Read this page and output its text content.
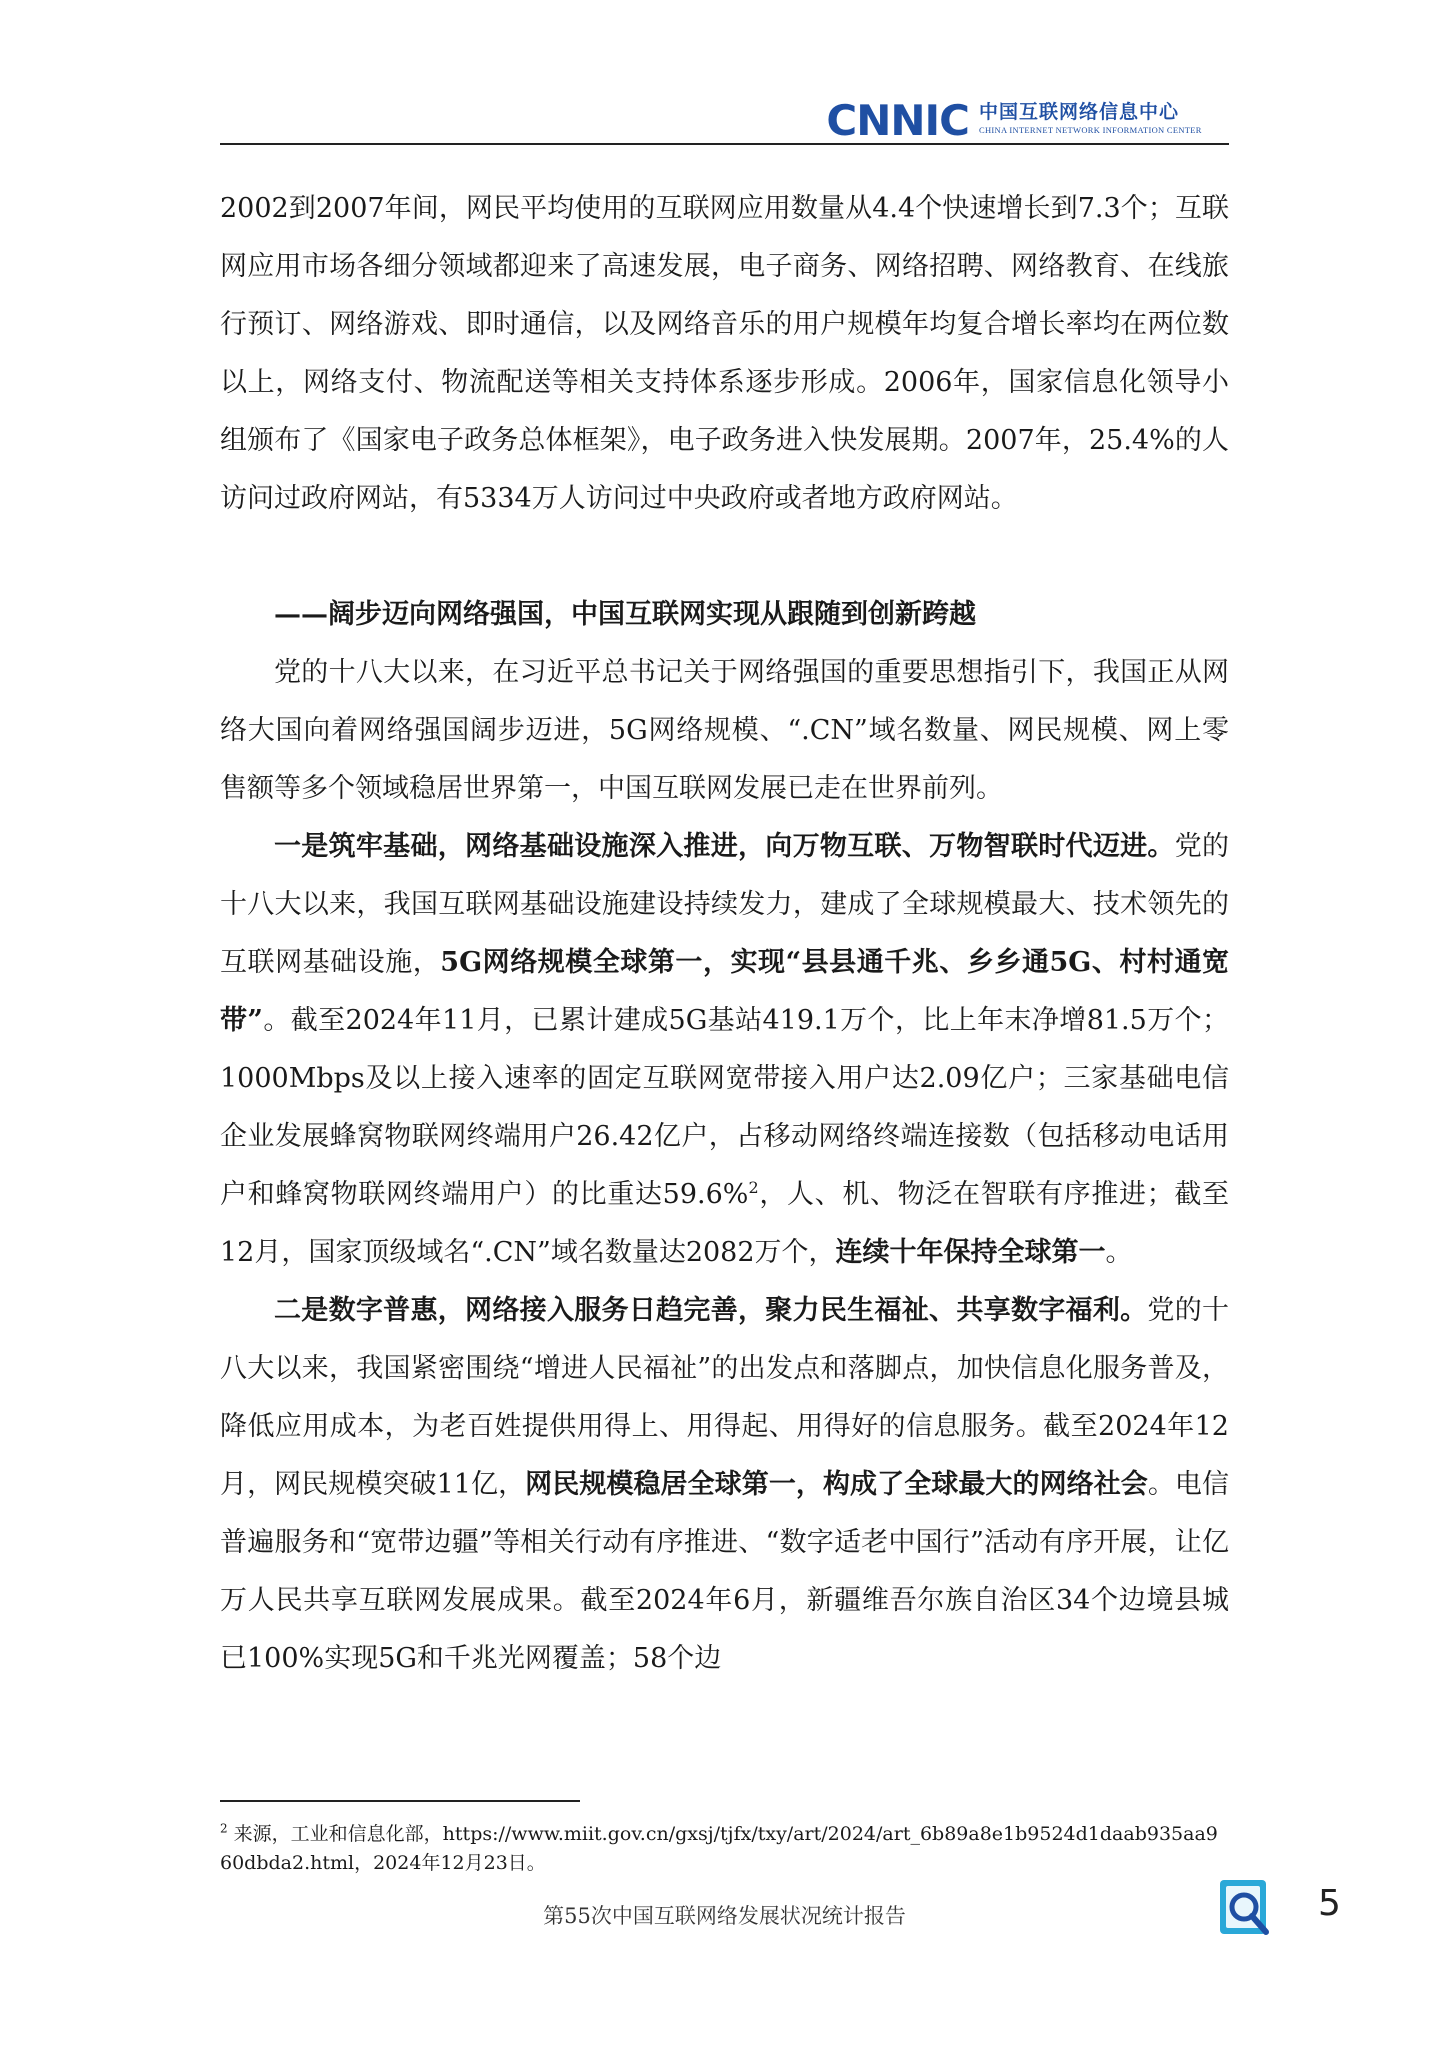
CNNIC 中国互联网络信息中心
CHINA INTERNET NETWORK INFORMATION CENTER

2002到2007年间，网民平均使用的互联网应用数量从4.4个快速增长到7.3个；互联网应用市场各细分领域都迎来了高速发展，电子商务、网络招聘、网络教育、在线旅行预订、网络游戏、即时通信，以及网络音乐的用户规模年均复合增长率均在两位数以上，网络支付、物流配送等相关支持体系逐步形成。2006年，国家信息化领导小组颁布了《国家电子政务总体框架》，电子政务进入快发展期。2007年，25.4%的人访问过政府网站，有5334万人访问过中央政府或者地方政府网站。

——阔步迈向网络强国，中国互联网实现从跟随到创新跨越

党的十八大以来，在习近平总书记关于网络强国的重要思想指引下，我国正从网络大国向着网络强国阔步迈进，5G网络规模、“.CN”域名数量、网民规模、网上零售额等多个领域稳居世界第一，中国互联网发展已走在世界前列。

一是筑牢基础，网络基础设施深入推进，向万物互联、万物智联时代迈进。党的十八大以来，我国互联网基础设施建设持续发力，建成了全球规模最大、技术领先的互联网基础设施，5G网络规模全球第一，实现“县县通千兆、乡乡通5G、村村通宽带”。截至2024年11月，已累计建成5G基站419.1万个，比上年末净增81.5万个；1000Mbps及以上接入速率的固定互联网宽带接入用户达2.09亿户；三家基础电信企业发展蜂窝物联网终端用户26.42亿户，占移动网络终端连接数（包括移动电话用户和蜂窝物联网终端用户）的比重达59.6%$^2$，人、机、物泛在智联有序推进；截至12月，国家顶级域名“.CN”域名数量达2082万个，连续十年保持全球第一。

二是数字普惠，网络接入服务日趋完善，聚力民生福祉、共享数字福利。党的十八大以来，我国紧密围绕“增进人民福祉”的出发点和落脚点，加快信息化服务普及，降低应用成本，为老百姓提供用得上、用得起、用得好的信息服务。截至2024年12月，网民规模突破11亿，网民规模稳居全球第一，构成了全球最大的网络社会。电信普遍服务和“宽带边疆”等相关行动有序推进、“数字适老中国行”活动有序开展，让亿万人民共享互联网发展成果。截至2024年6月，新疆维吾尔族自治区34个边境县城已100%实现5G和千兆光网覆盖；58个边

$^2$ 来源，工业和信息化部，https://www.miit.gov.cn/gxsj/tjfx/txy/art/2024/art_6b89a8e1b9524d1daab935aa960dbda2.html，2024年12月23日。
第55次中国互联网络发展状况统计报告	5
